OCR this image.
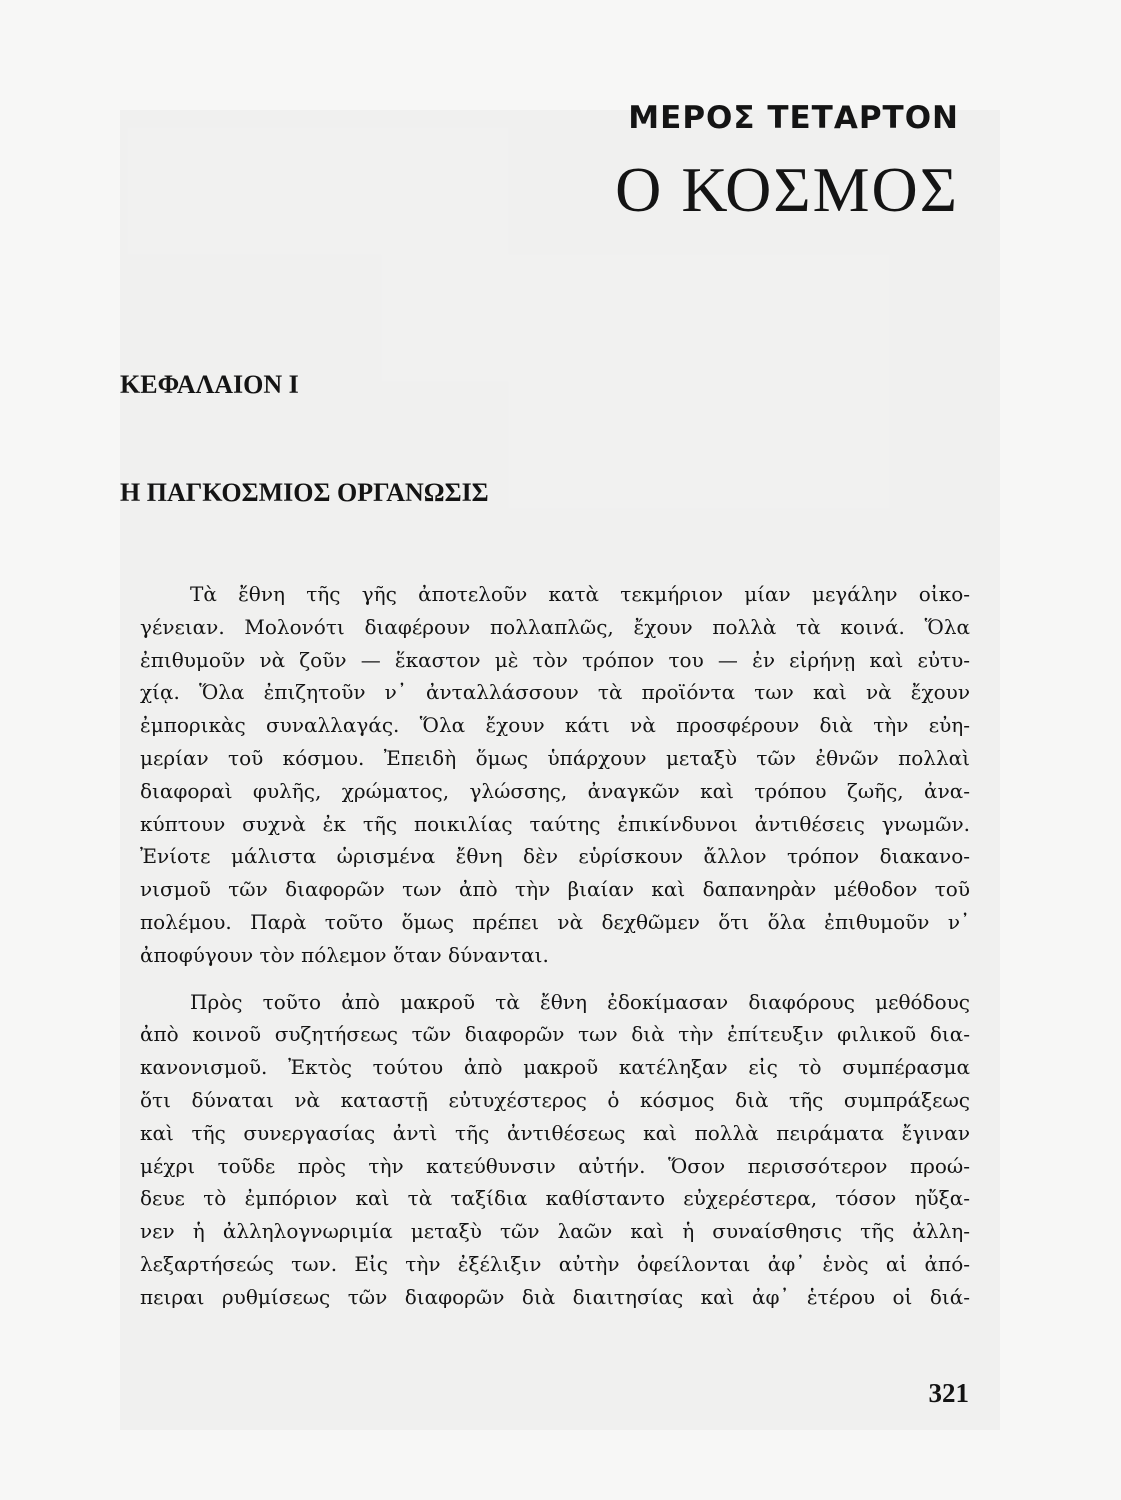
ΜΕΡΟΣ ΤΕΤΑΡΤΟΝ
Ο ΚΟΣΜΟΣ
ΚΕΦΑΛΑΙΟΝ Ι
Η ΠΑΓΚΟΣΜΙΟΣ ΟΡΓΑΝΩΣΙΣ
Τὰ ἔθνη τῆς γῆς ἀποτελοῦν κατὰ τεκμήριον μίαν μεγάλην οἰκο-
γένειαν. Μολονότι διαφέρουν πολλαπλῶς, ἔχουν πολλὰ τὰ κοινά. Ὅλα
ἐπιθυμοῦν νὰ ζοῦν — ἕκαστον μὲ τὸν τρόπον του — ἐν εἰρήνῃ καὶ εὐτυ-
χίᾳ. Ὅλα ἐπιζητοῦν ν᾽ ἀνταλλάσσουν τὰ προϊόντα των καὶ νὰ ἔχουν
ἐμπορικὰς συναλλαγάς. Ὅλα ἔχουν κάτι νὰ προσφέρουν διὰ τὴν εὐη-
μερίαν τοῦ κόσμου. Ἐπειδὴ ὅμως ὑπάρχουν μεταξὺ τῶν ἐθνῶν πολλαὶ
διαφοραὶ φυλῆς, χρώματος, γλώσσης, ἀναγκῶν καὶ τρόπου ζωῆς, ἀνα-
κύπτουν συχνὰ ἐκ τῆς ποικιλίας ταύτης ἐπικίνδυνοι ἀντιθέσεις γνωμῶν.
Ἐνίοτε μάλιστα ὡρισμένα ἔθνη δὲν εὑρίσκουν ἄλλον τρόπον διακανο-
νισμοῦ τῶν διαφορῶν των ἀπὸ τὴν βιαίαν καὶ δαπανηρὰν μέθοδον τοῦ
πολέμου. Παρὰ τοῦτο ὅμως πρέπει νὰ δεχθῶμεν ὅτι ὅλα ἐπιθυμοῦν ν᾽
ἀποφύγουν τὸν πόλεμον ὅταν δύνανται.
Πρὸς τοῦτο ἀπὸ μακροῦ τὰ ἔθνη ἐδοκίμασαν διαφόρους μεθόδους
ἀπὸ κοινοῦ συζητήσεως τῶν διαφορῶν των διὰ τὴν ἐπίτευξιν φιλικοῦ δια-
κανονισμοῦ. Ἐκτὸς τούτου ἀπὸ μακροῦ κατέληξαν εἰς τὸ συμπέρασμα
ὅτι δύναται νὰ καταστῇ εὐτυχέστερος ὁ κόσμος διὰ τῆς συμπράξεως
καὶ τῆς συνεργασίας ἀντὶ τῆς ἀντιθέσεως καὶ πολλὰ πειράματα ἔγιναν
μέχρι τοῦδε πρὸς τὴν κατεύθυνσιν αὐτήν. Ὅσον περισσότερον προώ-
δευε τὸ ἐμπόριον καὶ τὰ ταξίδια καθίσταντο εὐχερέστερα, τόσον ηὔξα-
νεν ἡ ἀλληλογνωριμία μεταξὺ τῶν λαῶν καὶ ἡ συναίσθησις τῆς ἀλλη-
λεξαρτήσεώς των. Εἰς τὴν ἐξέλιξιν αὐτὴν ὀφείλονται ἀφ᾽ ἑνὸς αἱ ἀπό-
πειραι ρυθμίσεως τῶν διαφορῶν διὰ διαιτησίας καὶ ἀφ᾽ ἑτέρου οἱ διά-
321
